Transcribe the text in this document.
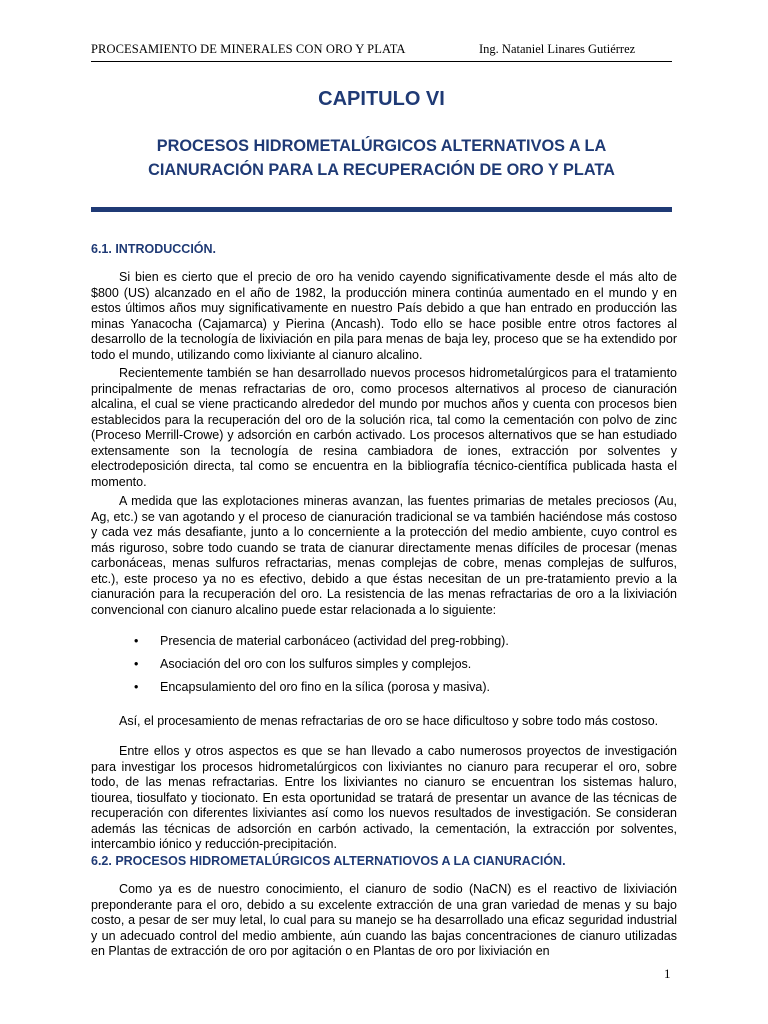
PROCESAMIENTO DE MINERALES CON ORO Y PLATA	Ing. Nataniel Linares Gutiérrez
CAPITULO VI
PROCESOS HIDROMETALÚRGICOS ALTERNATIVOS A LA
CIANURACIÓN PARA LA RECUPERACIÓN DE ORO Y PLATA
6.1. INTRODUCCIÓN.

Si bien es cierto que el precio de oro ha venido cayendo significativamente desde el más alto de $800 (US) alcanzado en el año de 1982, la producción minera continúa aumentado en el mundo y en estos últimos años muy significativamente en nuestro País debido a que han entrado en producción las minas Yanacocha (Cajamarca) y Pierina (Ancash). Todo ello se hace posible entre otros factores al desarrollo de la tecnología de lixiviación en pila para menas de baja ley, proceso que se ha extendido por todo el mundo, utilizando como lixiviante al cianuro alcalino.

Recientemente también se han desarrollado nuevos procesos hidrometalúrgicos para el tratamiento principalmente de menas refractarias de oro, como procesos alternativos al proceso de cianuración alcalina, el cual se viene practicando alrededor del mundo por muchos años y cuenta con procesos bien establecidos para la recuperación del oro de la solución rica, tal como la cementación con polvo de zinc (Proceso Merrill-Crowe) y adsorción en carbón activado. Los procesos alternativos que se han estudiado extensamente son la tecnología de resina cambiadora de iones, extracción por solventes y electrodeposición directa, tal como se encuentra en la bibliografía técnico-científica publicada hasta el momento.

A medida que las explotaciones mineras avanzan, las fuentes primarias de metales preciosos (Au, Ag, etc.) se van agotando y el proceso de cianuración tradicional se va también haciéndose más costoso y cada vez más desafiante, junto a lo concerniente a la protección del medio ambiente, cuyo control es más riguroso, sobre todo cuando se trata de cianurar directamente menas difíciles de procesar (menas carbonáceas, menas sulfuros refractarias, menas complejas de cobre, menas complejas de sulfuros, etc.), este proceso ya no es efectivo, debido a que éstas necesitan de un pre-tratamiento previo a la cianuración para la recuperación del oro. La resistencia de las menas refractarias de oro a la lixiviación convencional con cianuro alcalino puede estar relacionada a lo siguiente:

• Presencia de material carbonáceo (actividad del preg-robbing).
• Asociación del oro con los sulfuros simples y complejos.
• Encapsulamiento del oro fino en la sílica (porosa y masiva).

Así, el procesamiento de menas refractarias de oro se hace dificultoso y sobre todo más costoso.

Entre ellos y otros aspectos es que se han llevado a cabo numerosos proyectos de investigación para investigar los procesos hidrometalúrgicos con lixiviantes no cianuro para recuperar el oro, sobre todo, de las menas refractarias. Entre los lixiviantes no cianuro se encuentran los sistemas haluro, tiourea, tiosulfato y tiocionato. En esta oportunidad se tratará de presentar un avance de las técnicas de recuperación con diferentes lixiviantes así como los nuevos resultados de investigación. Se consideran además las técnicas de adsorción en carbón activado, la cementación, la extracción por solventes, intercambio iónico y reducción-precipitación.

6.2. PROCESOS HIDROMETALÚRGICOS ALTERNATIOVOS A LA CIANURACIÓN.

Como ya es de nuestro conocimiento, el cianuro de sodio (NaCN) es el reactivo de lixiviación preponderante para el oro, debido a su excelente extracción de una gran variedad de menas y su bajo costo, a pesar de ser muy letal, lo cual para su manejo se ha desarrollado una eficaz seguridad industrial y un adecuado control del medio ambiente, aún cuando las bajas concentraciones de cianuro utilizadas en Plantas de extracción de oro por agitación o en Plantas de oro por lixiviación en

1
